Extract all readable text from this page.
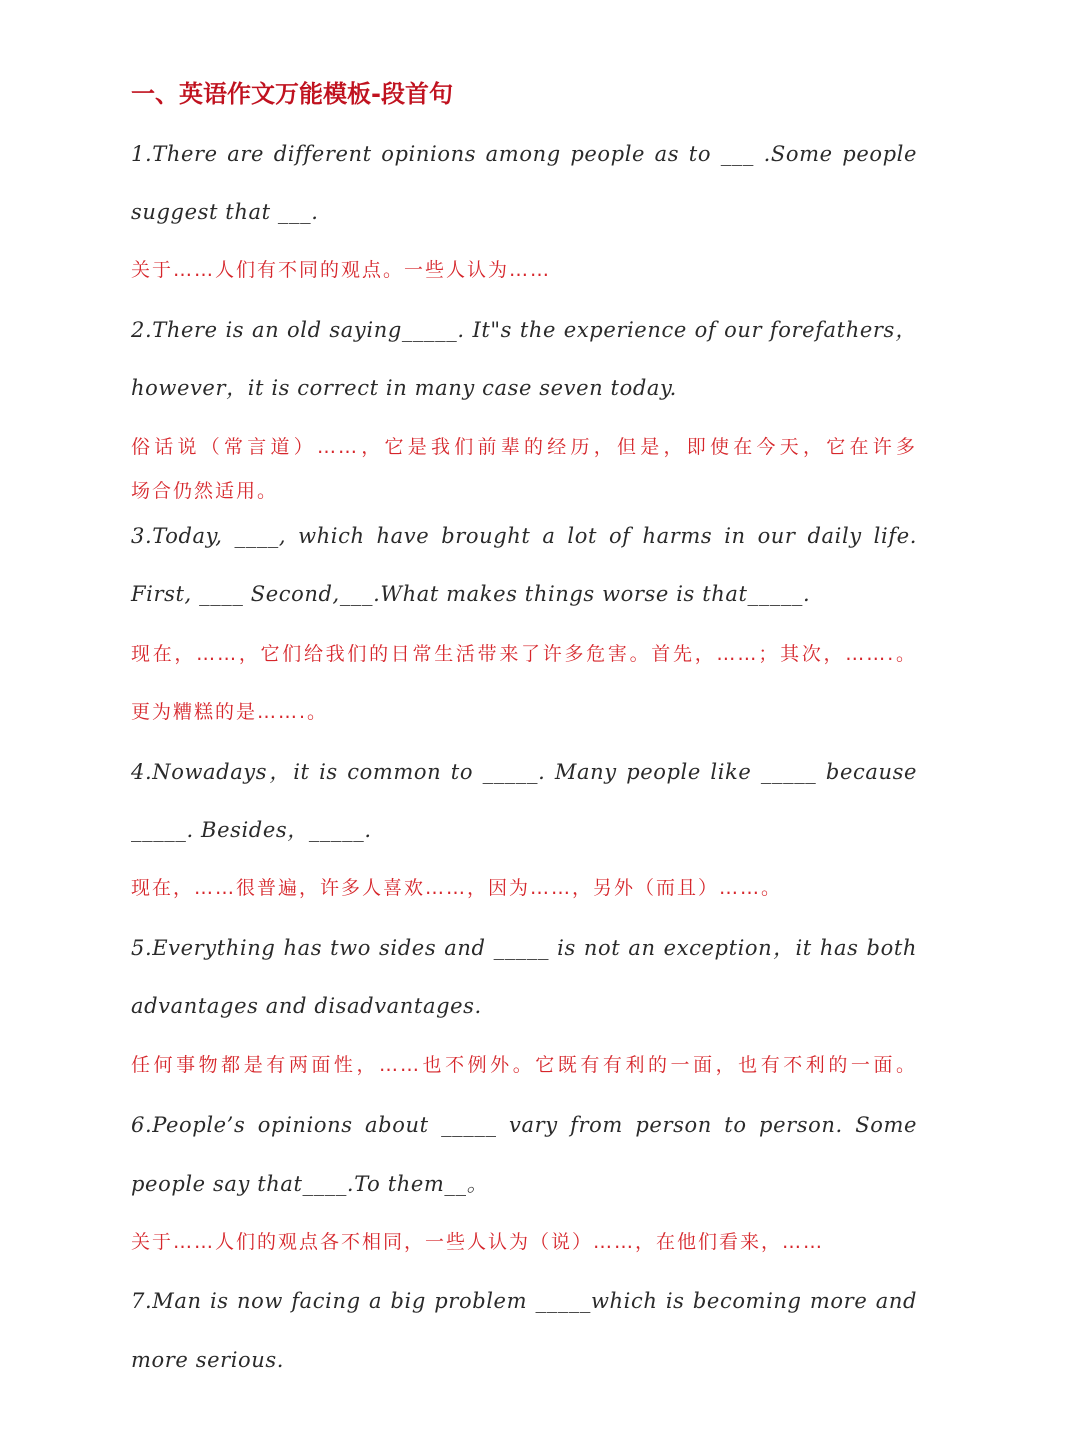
一、英语作文万能模板-段首句
1.There are different opinions among people as to ___ .Some people
suggest that ___.
关于……人们有不同的观点。一些人认为……
2.There is an old saying_____. It"s the experience of our forefathers，
however，it is correct in many case seven today.
俗话说（常言道）……，它是我们前辈的经历，但是，即使在今天，它在许多
场合仍然适用。
3.Today, ____, which have brought a lot of harms in our daily life.
First, ____ Second,___.What makes things worse is that_____.
现在，……，它们给我们的日常生活带来了许多危害。首先，……；其次，…….。
更为糟糕的是…….。
4.Nowadays，it is common to _____. Many people like _____ because
_____. Besides，_____.
现在，……很普遍，许多人喜欢……，因为……，另外（而且）……。
5.Everything has two sides and _____ is not an exception，it has both
advantages and disadvantages.
任何事物都是有两面性，……也不例外。它既有有利的一面，也有不利的一面。
6.People’s opinions about _____ vary from person to person. Some
people say that____.To them__。
关于……人们的观点各不相同，一些人认为（说）……，在他们看来，……
7.Man is now facing a big problem _____which is becoming more and
more serious.
